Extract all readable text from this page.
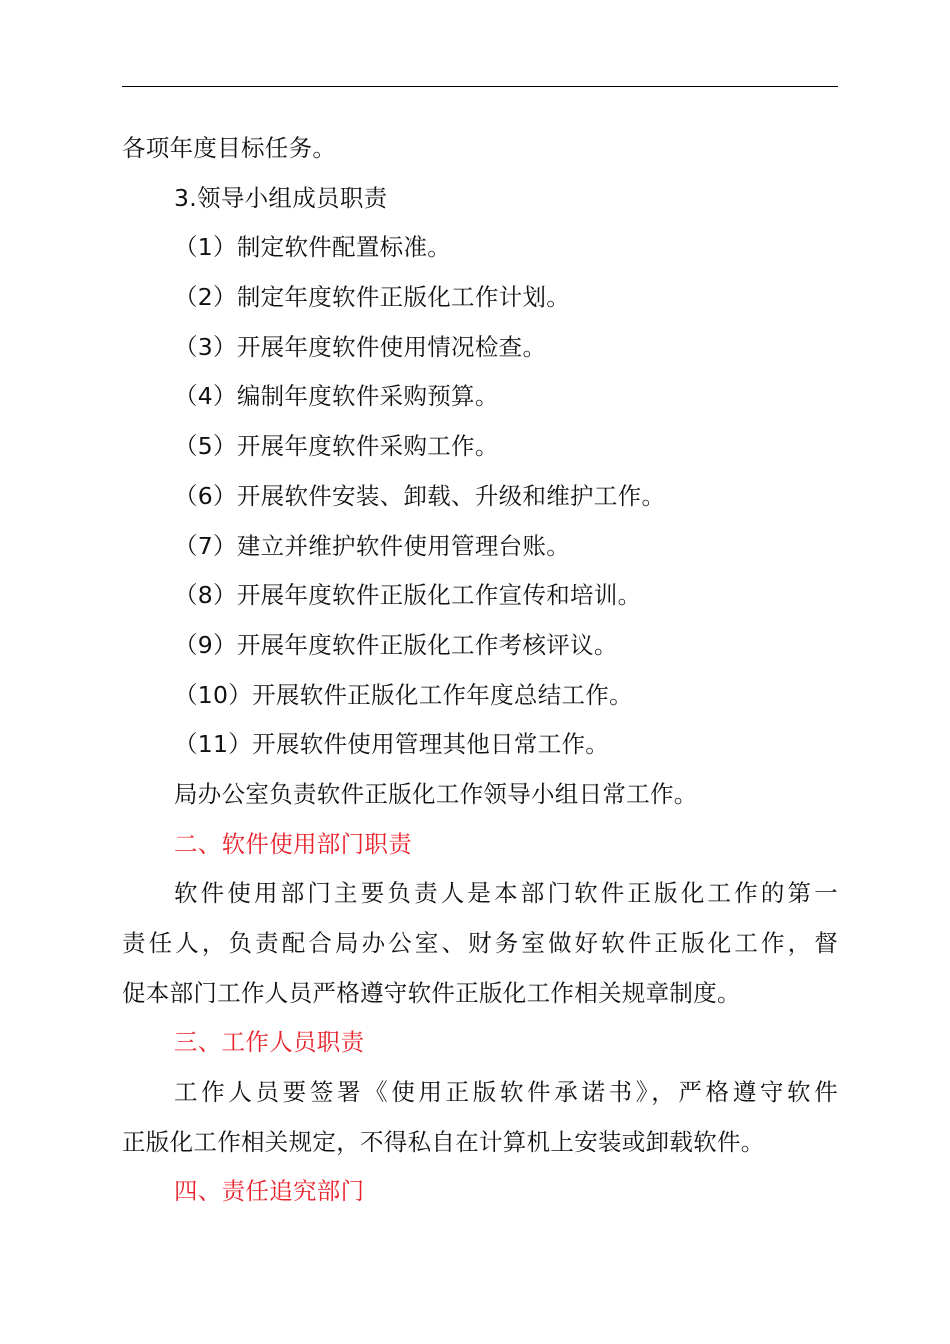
各项年度目标任务。
3.领导小组成员职责
（1）制定软件配置标准。
（2）制定年度软件正版化工作计划。
（3）开展年度软件使用情况检查。
（4）编制年度软件采购预算。
（5）开展年度软件采购工作。
（6）开展软件安装、卸载、升级和维护工作。
（7）建立并维护软件使用管理台账。
（8）开展年度软件正版化工作宣传和培训。
（9）开展年度软件正版化工作考核评议。
（10）开展软件正版化工作年度总结工作。
（11）开展软件使用管理其他日常工作。
局办公室负责软件正版化工作领导小组日常工作。
二、软件使用部门职责
软件使用部门主要负责人是本部门软件正版化工作的第一
责任人，负责配合局办公室、财务室做好软件正版化工作，督
促本部门工作人员严格遵守软件正版化工作相关规章制度。
三、工作人员职责
工作人员要签署《使用正版软件承诺书》，严格遵守软件
正版化工作相关规定，不得私自在计算机上安装或卸载软件。
四、责任追究部门
